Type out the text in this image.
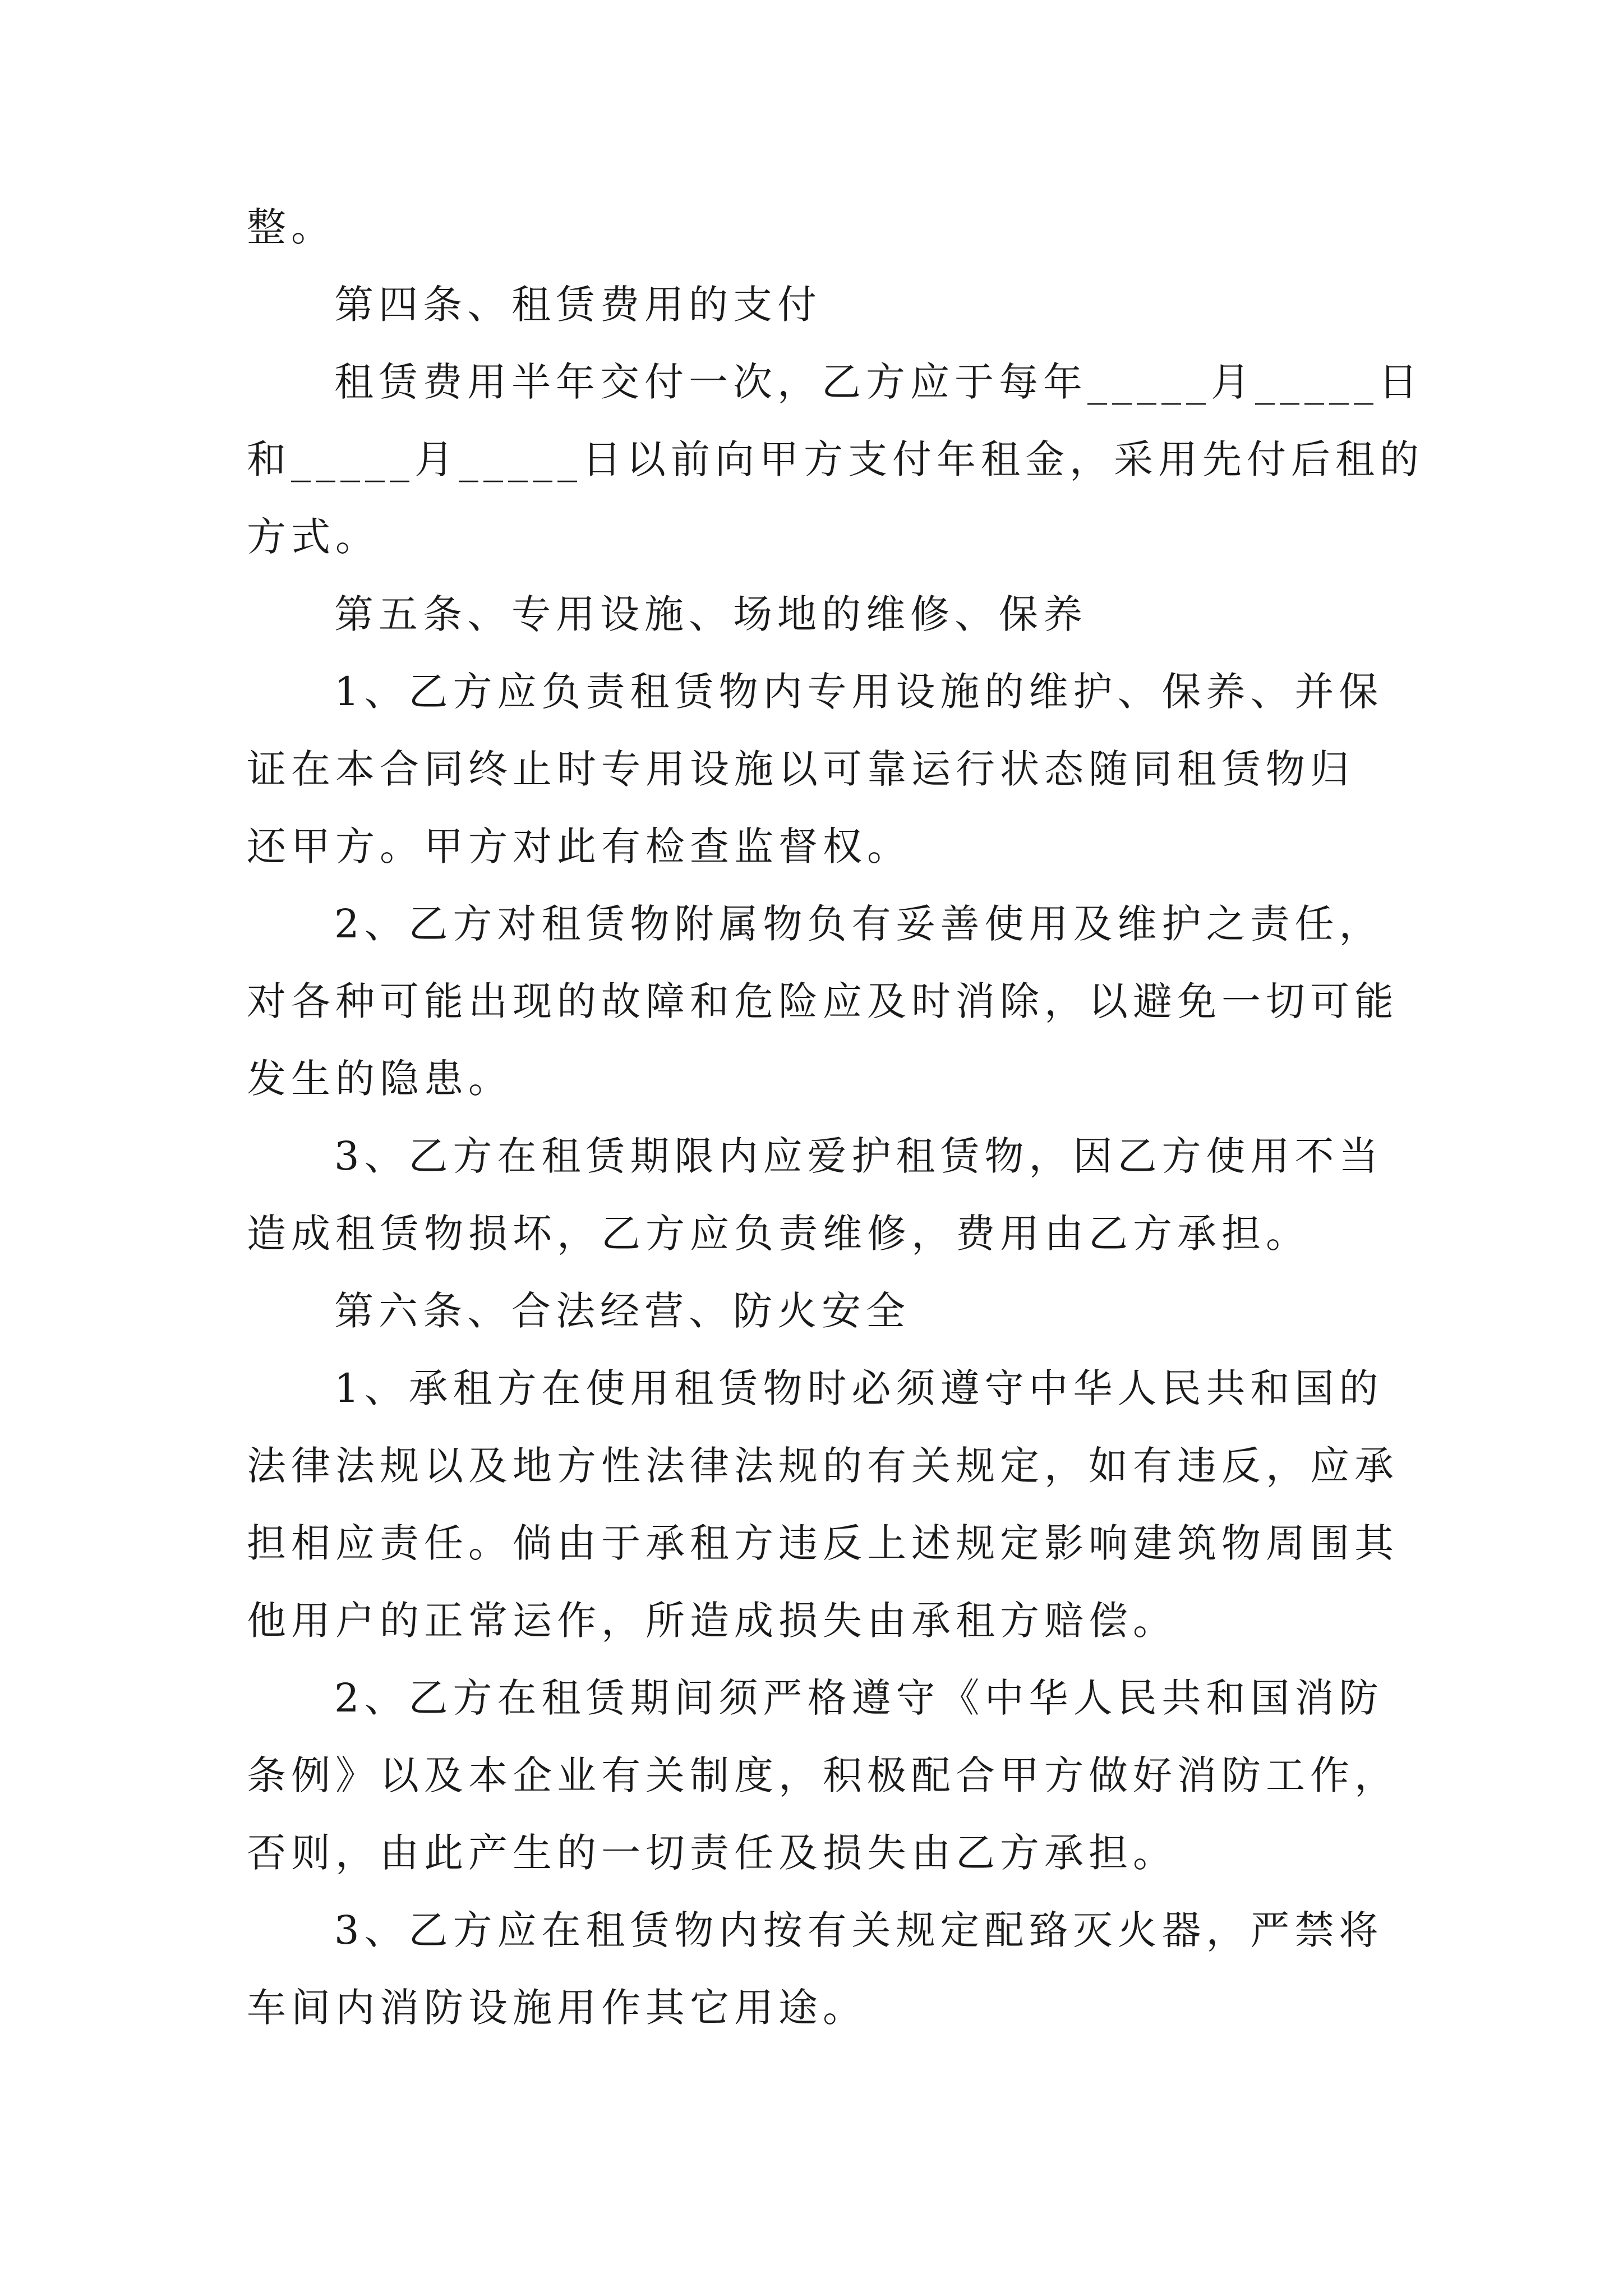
整。
第四条、租赁费用的支付
租赁费用半年交付一次，乙方应于每年_____月_____日
和_____月_____日以前向甲方支付年租金，采用先付后租的
方式。
第五条、专用设施、场地的维修、保养
1、乙方应负责租赁物内专用设施的维护、保养、并保
证在本合同终止时专用设施以可靠运行状态随同租赁物归
还甲方。甲方对此有检查监督权。
2、乙方对租赁物附属物负有妥善使用及维护之责任，
对各种可能出现的故障和危险应及时消除，以避免一切可能
发生的隐患。
3、乙方在租赁期限内应爱护租赁物，因乙方使用不当
造成租赁物损坏，乙方应负责维修，费用由乙方承担。
第六条、合法经营、防火安全
1、承租方在使用租赁物时必须遵守中华人民共和国的
法律法规以及地方性法律法规的有关规定，如有违反，应承
担相应责任。倘由于承租方违反上述规定影响建筑物周围其
他用户的正常运作，所造成损失由承租方赔偿。
2、乙方在租赁期间须严格遵守《中华人民共和国消防
条例》以及本企业有关制度，积极配合甲方做好消防工作，
否则，由此产生的一切责任及损失由乙方承担。
3、乙方应在租赁物内按有关规定配臵灭火器，严禁将
车间内消防设施用作其它用途。
